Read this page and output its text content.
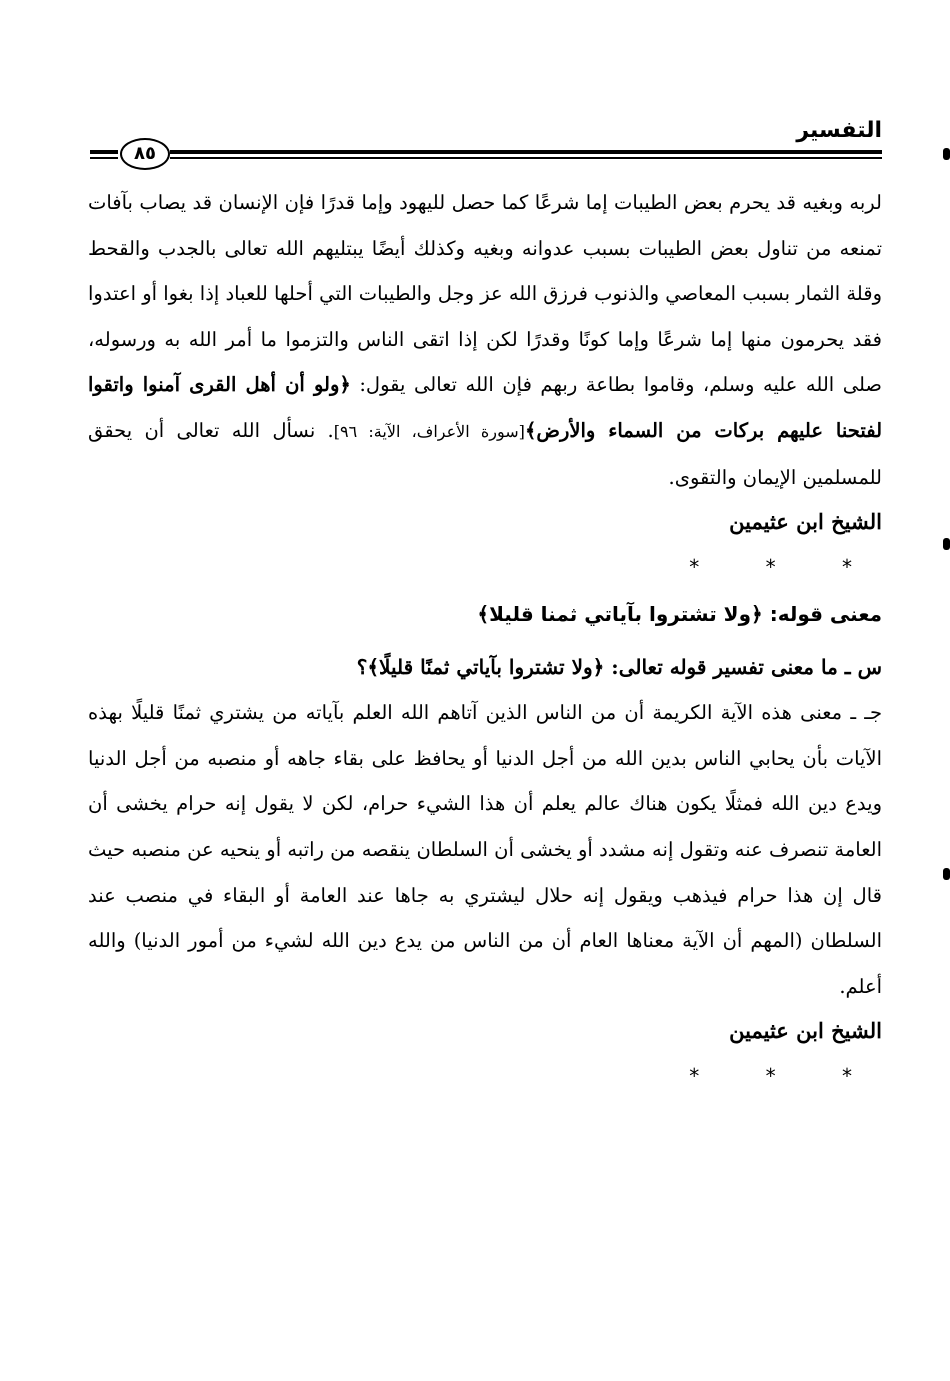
التفسير
٨٥

لربه وبغيه قد يحرم بعض الطيبات إما شرعًا كما حصل لليهود وإما قدرًا فإن الإنسان قد يصاب بآفات تمنعه من تناول بعض الطيبات بسبب عدوانه وبغيه وكذلك أيضًا يبتليهم الله تعالى بالجدب والقحط وقلة الثمار بسبب المعاصي والذنوب فرزق الله عز وجل والطيبات التي أحلها للعباد إذا بغوا أو اعتدوا فقد يحرمون منها إما شرعًا وإما كونًا وقدرًا لكن إذا اتقى الناس والتزموا ما أمر الله به ورسوله، صلى الله عليه وسلم، وقاموا بطاعة ربهم فإن الله تعالى يقول: ﴿ولو أن أهل القرى آمنوا واتقوا لفتحنا عليهم بركات من السماء والأرض﴾[سورة الأعراف، الآية: ٩٦]. نسأل الله تعالى أن يحقق للمسلمين الإيمان والتقوى.

الشيخ ابن عثيمين
* * *
معنى قوله: ﴿ولا تشتروا بآياتي ثمنا قليلا﴾

س ـ ما معنى تفسير قوله تعالى: ﴿ولا تشتروا بآياتي ثمنًا قليلًا﴾؟

جـ ـ معنى هذه الآية الكريمة أن من الناس الذين آتاهم الله العلم بآياته من يشتري ثمنًا قليلًا بهذه الآيات بأن يحابي الناس بدين الله من أجل الدنيا أو يحافظ على بقاء جاهه أو منصبه من أجل الدنيا ويدع دين الله فمثلًا يكون هناك عالم يعلم أن هذا الشيء حرام، لكن لا يقول إنه حرام يخشى أن العامة تنصرف عنه وتقول إنه مشدد أو يخشى أن السلطان ينقصه من راتبه أو ينحيه عن منصبه حيث قال إن هذا حرام فيذهب ويقول إنه حلال ليشتري به جاها عند العامة أو البقاء في منصب عند السلطان (المهم أن الآية معناها العام أن من الناس من يدع دين الله لشيء من أمور الدنيا) والله أعلم.

الشيخ ابن عثيمين
* * *
